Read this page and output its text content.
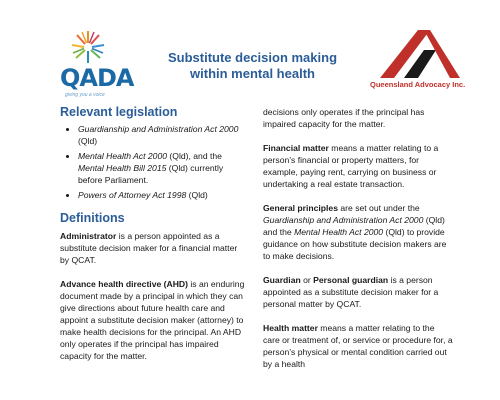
QADA
giving you a voice
Substitute decision making
within mental health
Queensland Advocacy Inc.
Relevant legislation
• Guardianship and Administration Act 2000 (Qld)
• Mental Health Act 2000 (Qld), and the Mental Health Bill 2015 (Qld) currently before Parliament.
• Powers of Attorney Act 1998 (Qld)
Definitions

Administrator is a person appointed as a substitute decision maker for a financial matter by QCAT.

Advance health directive (AHD) is an enduring document made by a principal in which they can give directions about future health care and appoint a substitute decision maker (attorney) to make health decisions for the principal. An AHD only operates if the principal has impaired capacity for the matter.

decisions only operates if the principal has impaired capacity for the matter.

Financial matter means a matter relating to a person’s financial or property matters, for example, paying rent, carrying on business or undertaking a real estate transaction.

General principles are set out under the Guardianship and Administration Act 2000 (Qld) and the Mental Health Act 2000 (Qld) to provide guidance on how substitute decision makers are to make decisions.

Guardian or Personal guardian is a person appointed as a substitute decision maker for a personal matter by QCAT.

Health matter means a matter relating to the care or treatment of, or service or procedure for, a person’s physical or mental condition carried out by a health
